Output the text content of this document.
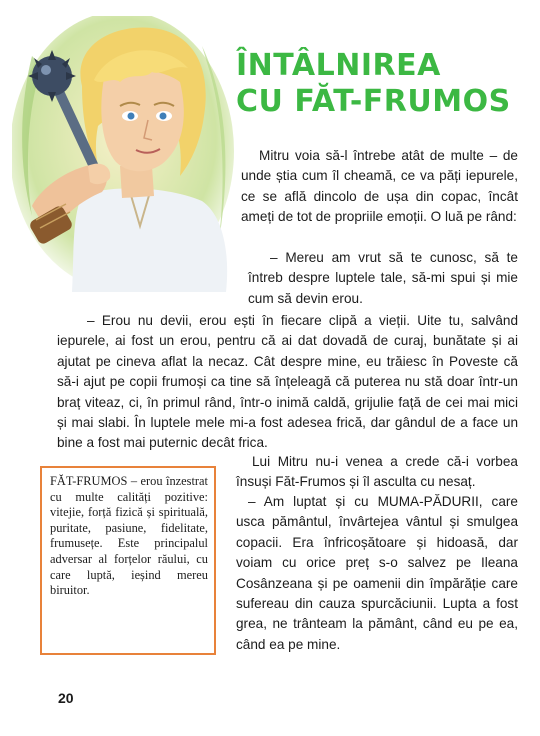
ÎNTÂLNIREA
CU FĂT-FRUMOS

Mitru voia să-l întrebe atât de multe – de unde știa cum îl cheamă, ce va păți iepurele, ce se află dincolo de ușa din copac, încât ameți de tot de propriile emoții. O luă pe rând:

– Mereu am vrut să te cunosc, să te întreb despre luptele tale, să-mi spui și mie cum să devin erou.

– Erou nu devii, erou ești în fiecare clipă a vieții. Uite tu, salvând iepurele, ai fost un erou, pentru că ai dat dovadă de curaj, bunătate și ai ajutat pe cineva aflat la necaz. Cât despre mine, eu trăiesc în Poveste că să-i ajut pe copii frumoși ca tine să înțeleagă că puterea nu stă doar într-un braț viteaz, ci, în primul rând, într-o inimă caldă, grijulie față de cei mai mici și mai slabi. În luptele mele mi-a fost adesea frică, dar gândul de a face un bine a fost mai puternic decât frica.

FĂT-FRUMOS – erou înzestrat cu multe calități pozitive: vitejie, forță fizică și spirituală, puritate, pasiune, fidelitate, frumusețe. Este principalul adversar al forțelor răului, cu care luptă, ieșind mereu biruitor.

Lui Mitru nu-i venea a crede că-i vorbea însuși Făt-Frumos și îl asculta cu nesaț.

– Am luptat și cu MUMA-PĂDURII, care usca pământul, învârtejea vântul și smulgea copacii. Era înfricoșătoare și hidoasă, dar voiam cu orice preț s-o salvez pe Ileana Cosânzeana și pe oamenii din împărăție care sufereau din cauza spurcăciunii. Lupta a fost grea, ne trânteam la pământ, când eu pe ea, când ea pe mine.

20
